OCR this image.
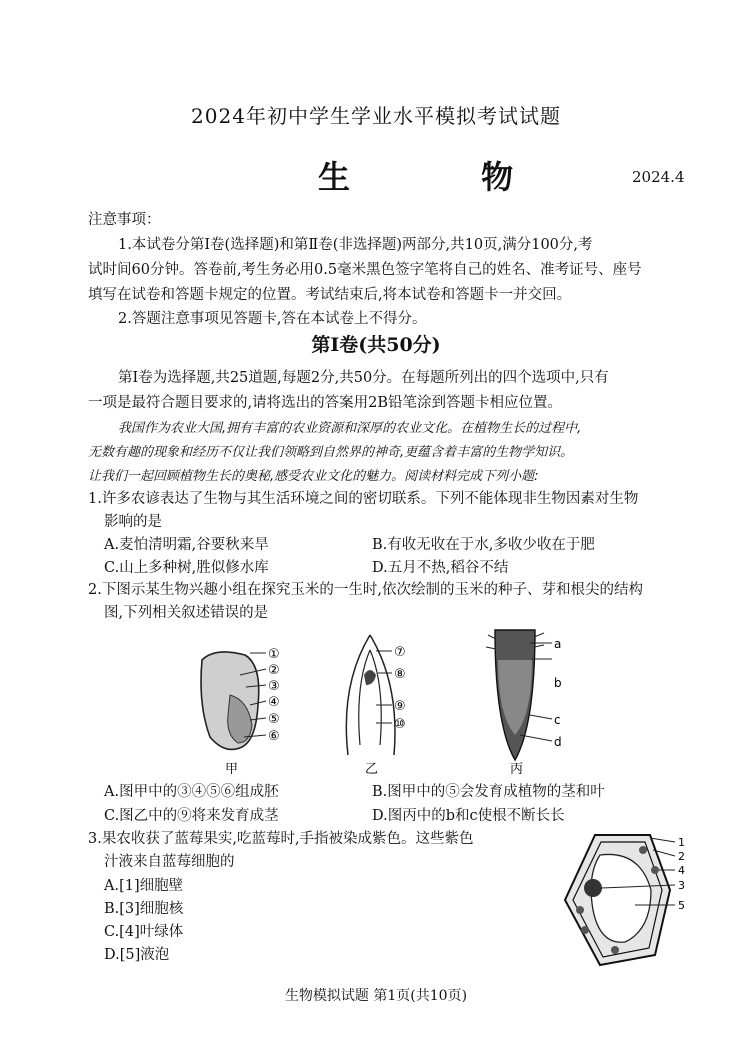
2024年初中学生学业水平模拟考试试题
生 物	2024.4
注意事项：
1.本试卷分第Ⅰ卷(选择题)和第Ⅱ卷(非选择题)两部分,共10页,满分100分,考
试时间60分钟。答卷前,考生务必用0.5毫米黑色签字笔将自己的姓名、准考证号、座号
填写在试卷和答题卡规定的位置。考试结束后,将本试卷和答题卡一并交回。
2.答题注意事项见答题卡,答在本试卷上不得分。
第Ⅰ卷(共50分)
第Ⅰ卷为选择题,共25道题,每题2分,共50分。在每题所列出的四个选项中,只有
一项是最符合题目要求的,请将选出的答案用2B铅笔涂到答题卡相应位置。
我国作为农业大国,拥有丰富的农业资源和深厚的农业文化。在植物生长的过程中,
无数有趣的现象和经历不仅让我们领略到自然界的神奇,更蕴含着丰富的生物学知识。
让我们一起回顾植物生长的奥秘,感受农业文化的魅力。阅读材料完成下列小题:
1.许多农谚表达了生物与其生活环境之间的密切联系。下列不能体现非生物因素对生物
影响的是
A.麦怕清明霜,谷要秋来旱	B.有收无收在于水,多收少收在于肥
C.山上多种树,胜似修水库	D.五月不热,稻谷不结
2.下图示某生物兴趣小组在探究玉米的一生时,依次绘制的玉米的种子、芽和根尖的结构
图,下列相关叙述错误的是
①
②
③
④
⑤
⑥
甲
⑦
⑧
⑨
⑩
乙
a
b
c
d
丙
A.图甲中的③④⑤⑥组成胚	B.图甲中的⑤会发育成植物的茎和叶
C.图乙中的⑨将来发育成茎	D.图丙中的b和c使根不断长长
3.果农收获了蓝莓果实,吃蓝莓时,手指被染成紫色。这些紫色
汁液来自蓝莓细胞的
A.[1]细胞壁
B.[3]细胞核
C.[4]叶绿体
D.[5]液泡
1
2
4
3
5
生物模拟试题 第1页(共10页)
